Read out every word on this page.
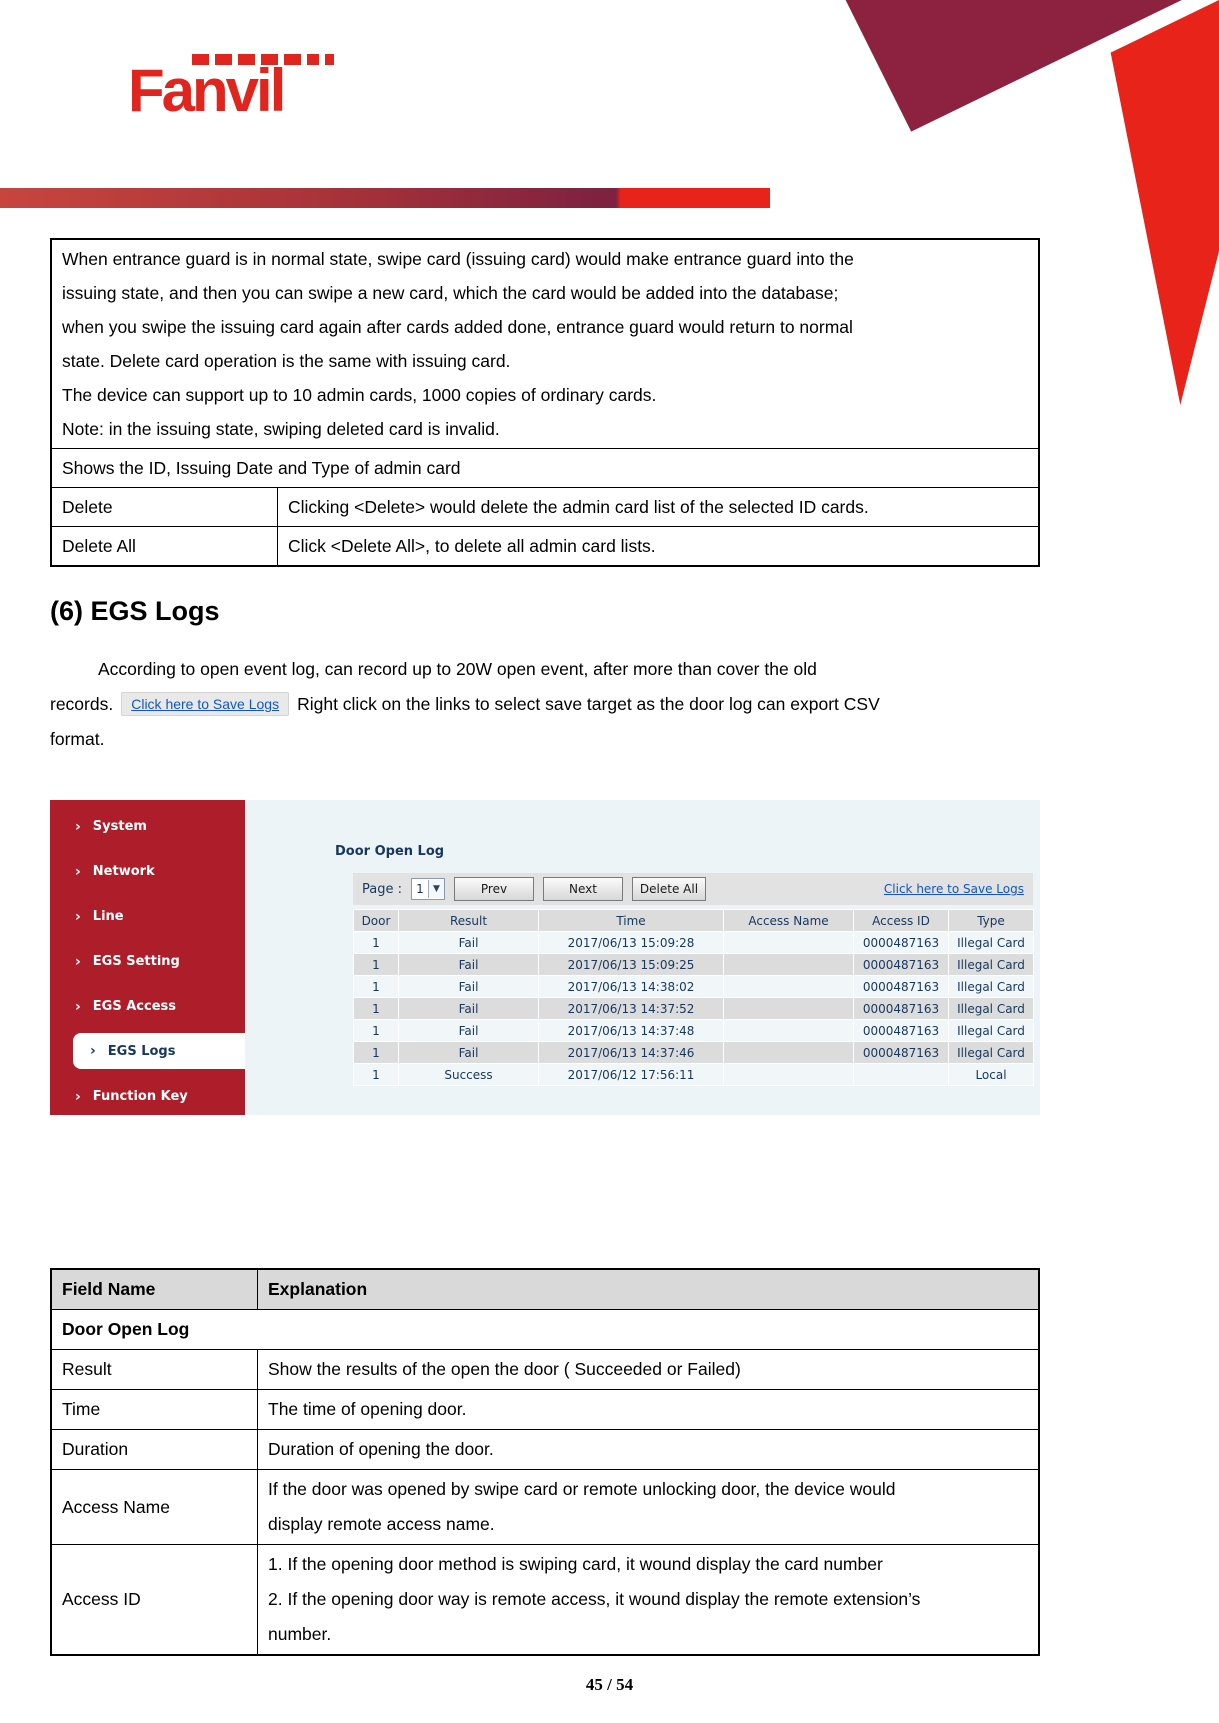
Fanvil
When entrance guard is in normal state, swipe card (issuing card) would make entrance guard into the
issuing state, and then you can swipe a new card, which the card would be added into the database;
when you swipe the issuing card again after cards added done, entrance guard would return to normal
state. Delete card operation is the same with issuing card.
The device can support up to 10 admin cards, 1000 copies of ordinary cards.
Note: in the issuing state, swiping deleted card is invalid.

Shows the ID, Issuing Date and Type of admin card	
Delete	Clicking <Delete> would delete the admin card list of the selected ID cards.
Delete All	Click <Delete All>, to delete all admin card lists.
(6) EGS Logs
According to open event log, can record up to 20W open event, after more than cover the old
records. Click here to Save Logs Right click on the links to select save target as the door log can export CSV
format.
› System
› Network
› Line
› EGS Setting
› EGS Access
› EGS Logs
› Function Key
Door Open Log
Page :	1	▼	Prev	Next	Delete All	Click here to Save Logs
Door	Result	Time	Access Name	Access ID	Type
1	Fail	2017/06/13 15:09:28		0000487163	Illegal Card
1	Fail	2017/06/13 15:09:25		0000487163	Illegal Card
1	Fail	2017/06/13 14:38:02		0000487163	Illegal Card
1	Fail	2017/06/13 14:37:52		0000487163	Illegal Card
1	Fail	2017/06/13 14:37:48		0000487163	Illegal Card
1	Fail	2017/06/13 14:37:46		0000487163	Illegal Card
1	Success	2017/06/12 17:56:11			Local
Field Name	Explanation
Door Open Log	
Result	Show the results of the open the door ( Succeeded or Failed)

Time	The time of opening door.

Duration	Duration of opening the door.

Access Name	If the door was opened by swipe card or remote unlocking door, the device would
display remote access name.

Access ID	1. If the opening door method is swiping card, it wound display the card number
2. If the opening door way is remote access, it wound display the remote extension’s
number.
45 / 54
